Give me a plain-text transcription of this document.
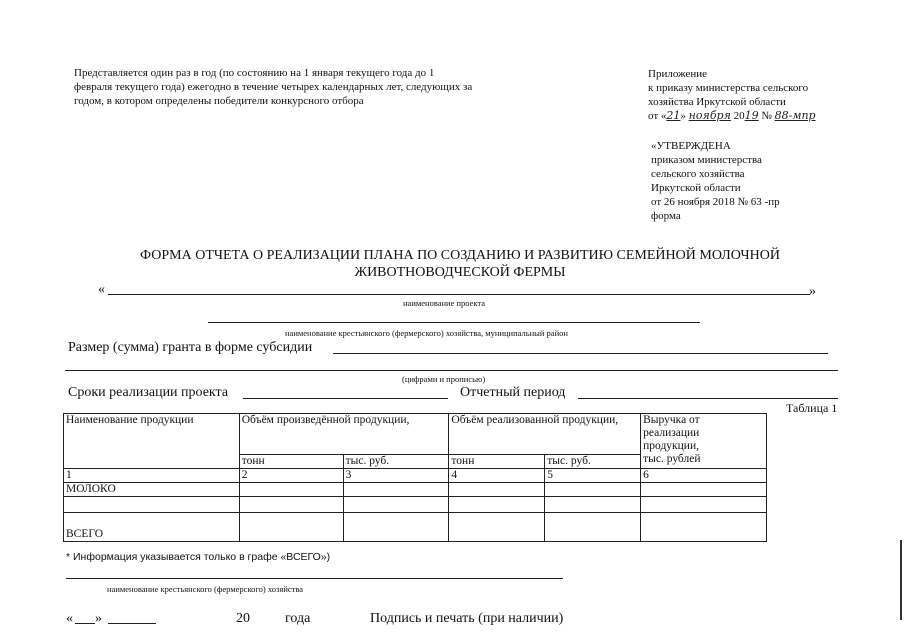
Представляется один раз в год (по состоянию на 1 января текущего года до 1
февраля текущего года) ежегодно в течение четырех календарных лет, следующих за
годом, в котором определены победители конкурсного отбора
Приложение
к приказу министерства сельского
хозяйства Иркутской области
от «21» ноября 2019 № 88-мпр
«УТВЕРЖДЕНА
приказом министерства
сельского хозяйства
Иркутской области
от 26 ноября 2018 № 63 -пр
форма
ФОРМА ОТЧЕТА О РЕАЛИЗАЦИИ ПЛАНА ПО СОЗДАНИЮ И РАЗВИТИЮ СЕМЕЙНОЙ МОЛОЧНОЙ
ЖИВОТНОВОДЧЕСКОЙ ФЕРМЫ
«	»
наименование проекта
наименование крестьянского (фермерского) хозяйства, муниципальный район
Размер (сумма) гранта в форме субсидии
(цифрами и прописью)
Сроки реализации проекта	Отчетный период
Таблица 1
Наименование продукции	Объём произведённой продукции,		Объём реализованной продукции,		Выручка от
реализации
продукции,
тыс. рублей

	тонн	тыс. руб.	тонн	тыс. руб.	
1	2	3	4	5	6
МОЛОКО					

ВСЕГО					
* Информация указывается только в графе «ВСЕГО»)
наименование крестьянского (фермерского) хозяйства
« »	20	года	Подпись и печать (при наличии)
